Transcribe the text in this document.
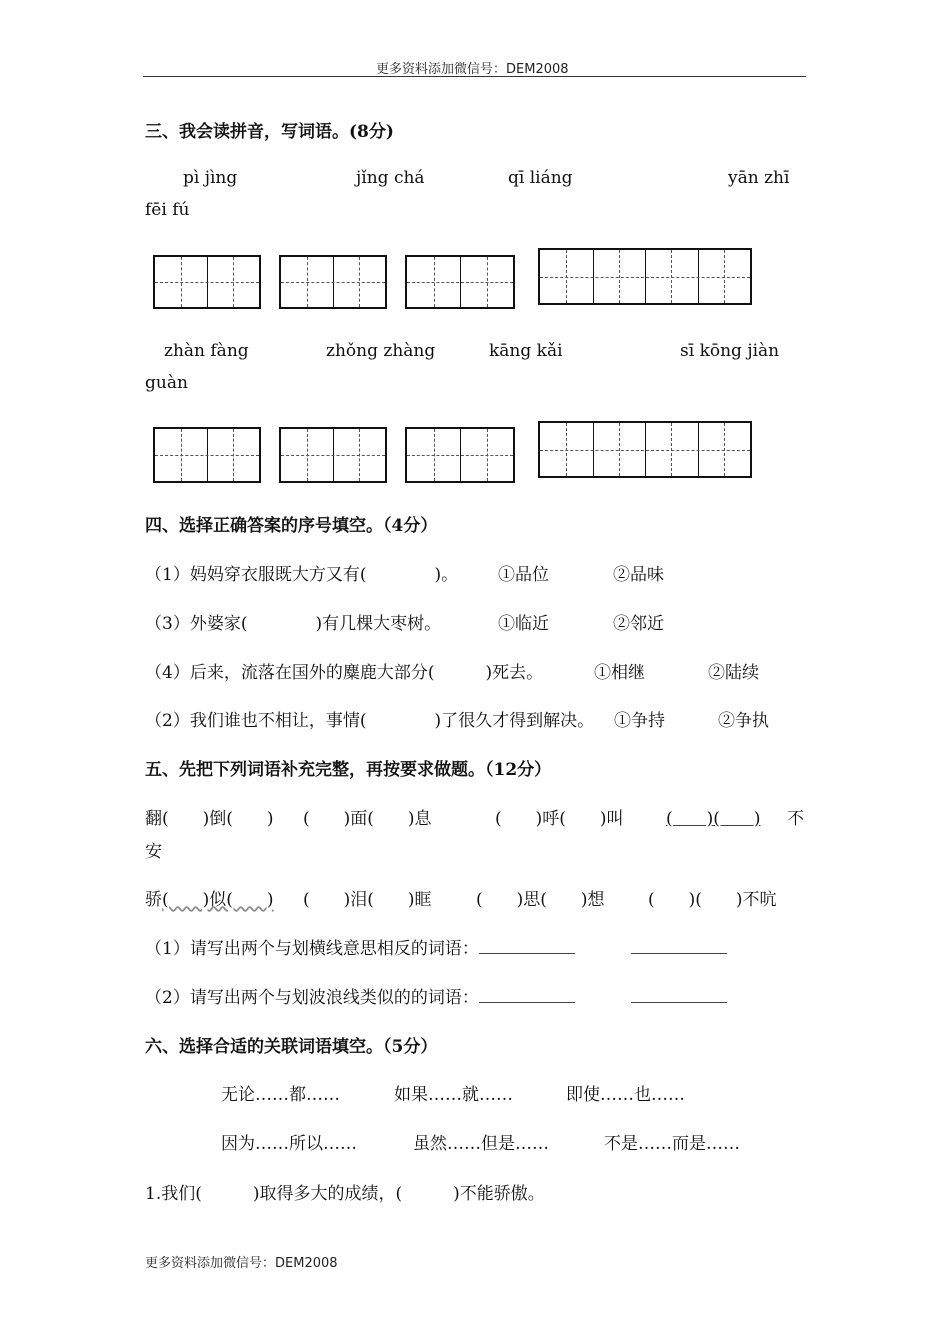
更多资料添加微信号：DEM2008
三、我会读拼音，写词语。(8分)
pì jìng	jǐng chá	qī liáng	yān zhī
fēi fú
zhàn fàng	zhǒng zhàng	kāng kǎi	sī kōng jiàn
guàn
四、选择正确答案的序号填空。（4分）
（1）妈妈穿衣服既大方又有(　　　　)。 ①品位	②品味
（3）外婆家(　　　　)有几棵大枣树。	①临近	②邻近
（4）后来，流落在国外的麋鹿大部分(　　　)死去。	①相继	②陆续
（2）我们谁也不相让，事情(　　　　)了很久才得到解决。 ①争持	②争执
五、先把下列词语补充完整，再按要求做题。（12分）
翻(　　)倒(　　) (　　)面(　　)息	(　　)呼(　　)叫 (　　)(　　) 不
安
骄 (　　)似(　　) (　　)泪(　　)眶	(　　)思(　　)想	(　　)(　　)不吭
（1）请写出两个与划横线意思相反的词语：
（2）请写出两个与划波浪线类似的的词语：
六、选择合适的关联词语填空。（5分）
无论……都……	如果……就……	即使……也……
因为……所以……	虽然……但是……	不是……而是……
1.我们(　　　)取得多大的成绩，(　　　)不能骄傲。
更多资料添加微信号：DEM2008
